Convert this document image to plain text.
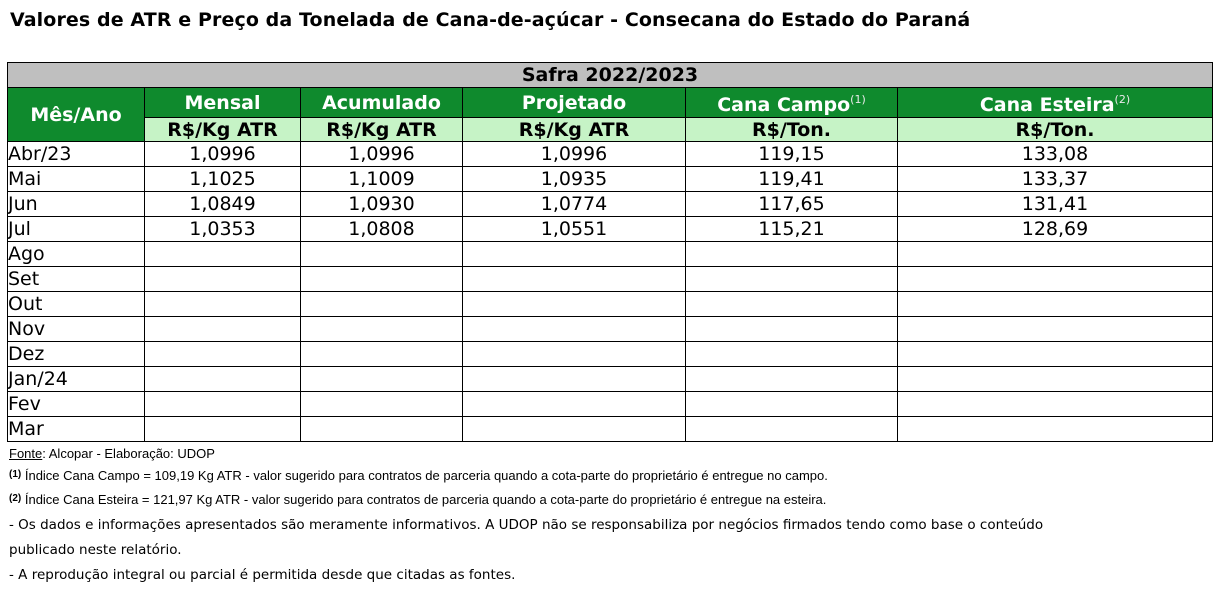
Valores de ATR e Preço da Tonelada de Cana-de-açúcar - Consecana do Estado do Paraná
Safra 2022/2023					
Mês/Ano	Mensal	Acumulado	Projetado	Cana Campo$^{(1)}$	Cana Esteira$^{(2)}$
	R$/Kg ATR	R$/Kg ATR	R$/Kg ATR	R$/Ton.	R$/Ton.
Abr/23	1,0996	1,0996	1,0996	119,15	133,08
Mai	1,1025	1,1009	1,0935	119,41	133,37
Jun	1,0849	1,0930	1,0774	117,65	131,41
Jul	1,0353	1,0808	1,0551	115,21	128,69
Ago					
Set					
Out					
Nov					
Dez					
Jan/24					
Fev					
Mar					
Fonte: Alcopar - Elaboração: UDOP
$^{(1)}$ Índice Cana Campo = 109,19 Kg ATR - valor sugerido para contratos de parceria quando a cota-parte do proprietário é entregue no campo.
$^{(2)}$ Índice Cana Esteira = 121,97 Kg ATR - valor sugerido para contratos de parceria quando a cota-parte do proprietário é entregue na esteira.
- Os dados e informações apresentados são meramente informativos. A UDOP não se responsabiliza por negócios firmados tendo como base o conteúdo
publicado neste relatório.
- A reprodução integral ou parcial é permitida desde que citadas as fontes.
